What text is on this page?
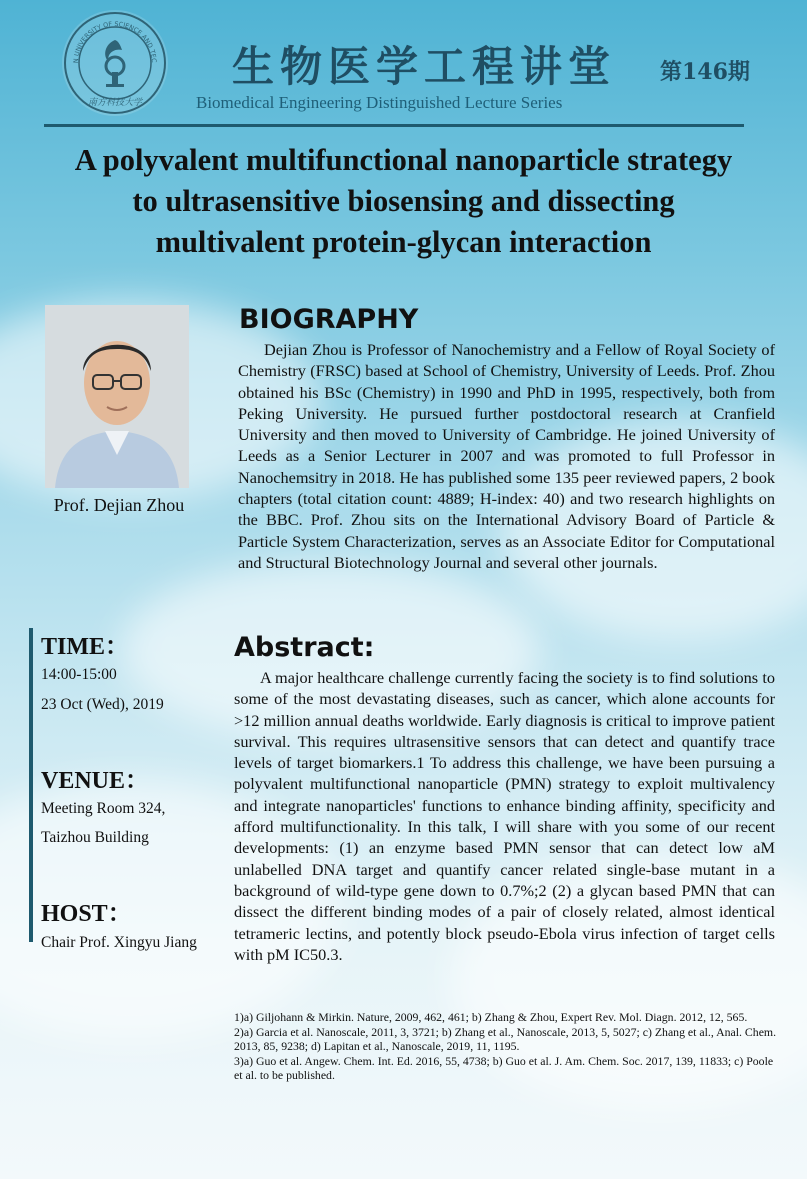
N UNIVERSITY OF SCIENCE AND TEC
南方科技大学
生物医学工程讲堂 第146期
Biomedical Engineering Distinguished Lecture Series
A polyvalent multifunctional nanoparticle strategy
to ultrasensitive biosensing and dissecting
multivalent protein-glycan interaction
Prof. Dejian Zhou
BIOGRAPHY
Dejian Zhou is Professor of Nanochemistry and a Fellow of Royal Society of Chemistry (FRSC) based at School of Chemistry, University of Leeds. Prof. Zhou obtained his BSc (Chemistry) in 1990 and PhD in 1995, respectively, both from Peking University. He pursued further postdoctoral research at Cranfield University and then moved to University of Cambridge. He joined University of Leeds as a Senior Lecturer in 2007 and was promoted to full Professor in Nanochemsitry in 2018. He has published some 135 peer reviewed papers, 2 book chapters (total citation count: 4889; H-index: 40) and two research highlights on the BBC. Prof. Zhou sits on the International Advisory Board of Particle & Particle System Characterization, serves as an Associate Editor for Computational and Structural Biotechnology Journal and several other journals.
TIME：
14:00-15:00
23 Oct (Wed), 2019
VENUE：
Meeting Room 324,
Taizhou Building
HOST：
Chair Prof. Xingyu Jiang
Abstract:
A major healthcare challenge currently facing the society is to find solutions to some of the most devastating diseases, such as cancer, which alone accounts for >12 million annual deaths worldwide. Early diagnosis is critical to improve patient survival. This requires ultrasensitive sensors that can detect and quantify trace levels of target biomarkers.1 To address this challenge, we have been pursuing a polyvalent multifunctional nanoparticle (PMN) strategy to exploit multivalency and integrate nanoparticles' functions to enhance binding affinity, specificity and afford multifunctionality. In this talk, I will share with you some of our recent developments: (1) an enzyme based PMN sensor that can detect low aM unlabelled DNA target and quantify cancer related single-base mutant in a background of wild-type gene down to 0.7%;2 (2) a glycan based PMN that can dissect the different binding modes of a pair of closely related, almost identical tetrameric lectins, and potently block pseudo-Ebola virus infection of target cells with pM IC50.3.
1)a) Giljohann & Mirkin. Nature, 2009, 462, 461; b) Zhang & Zhou, Expert Rev. Mol. Diagn. 2012, 12, 565.
2)a) Garcia et al. Nanoscale, 2011, 3, 3721; b) Zhang et al., Nanoscale, 2013, 5, 5027; c) Zhang et al., Anal. Chem. 2013, 85, 9238; d) Lapitan et al., Nanoscale, 2019, 11, 1195.
3)a) Guo et al. Angew. Chem. Int. Ed. 2016, 55, 4738; b) Guo et al. J. Am. Chem. Soc. 2017, 139, 11833; c) Poole et al. to be published.
